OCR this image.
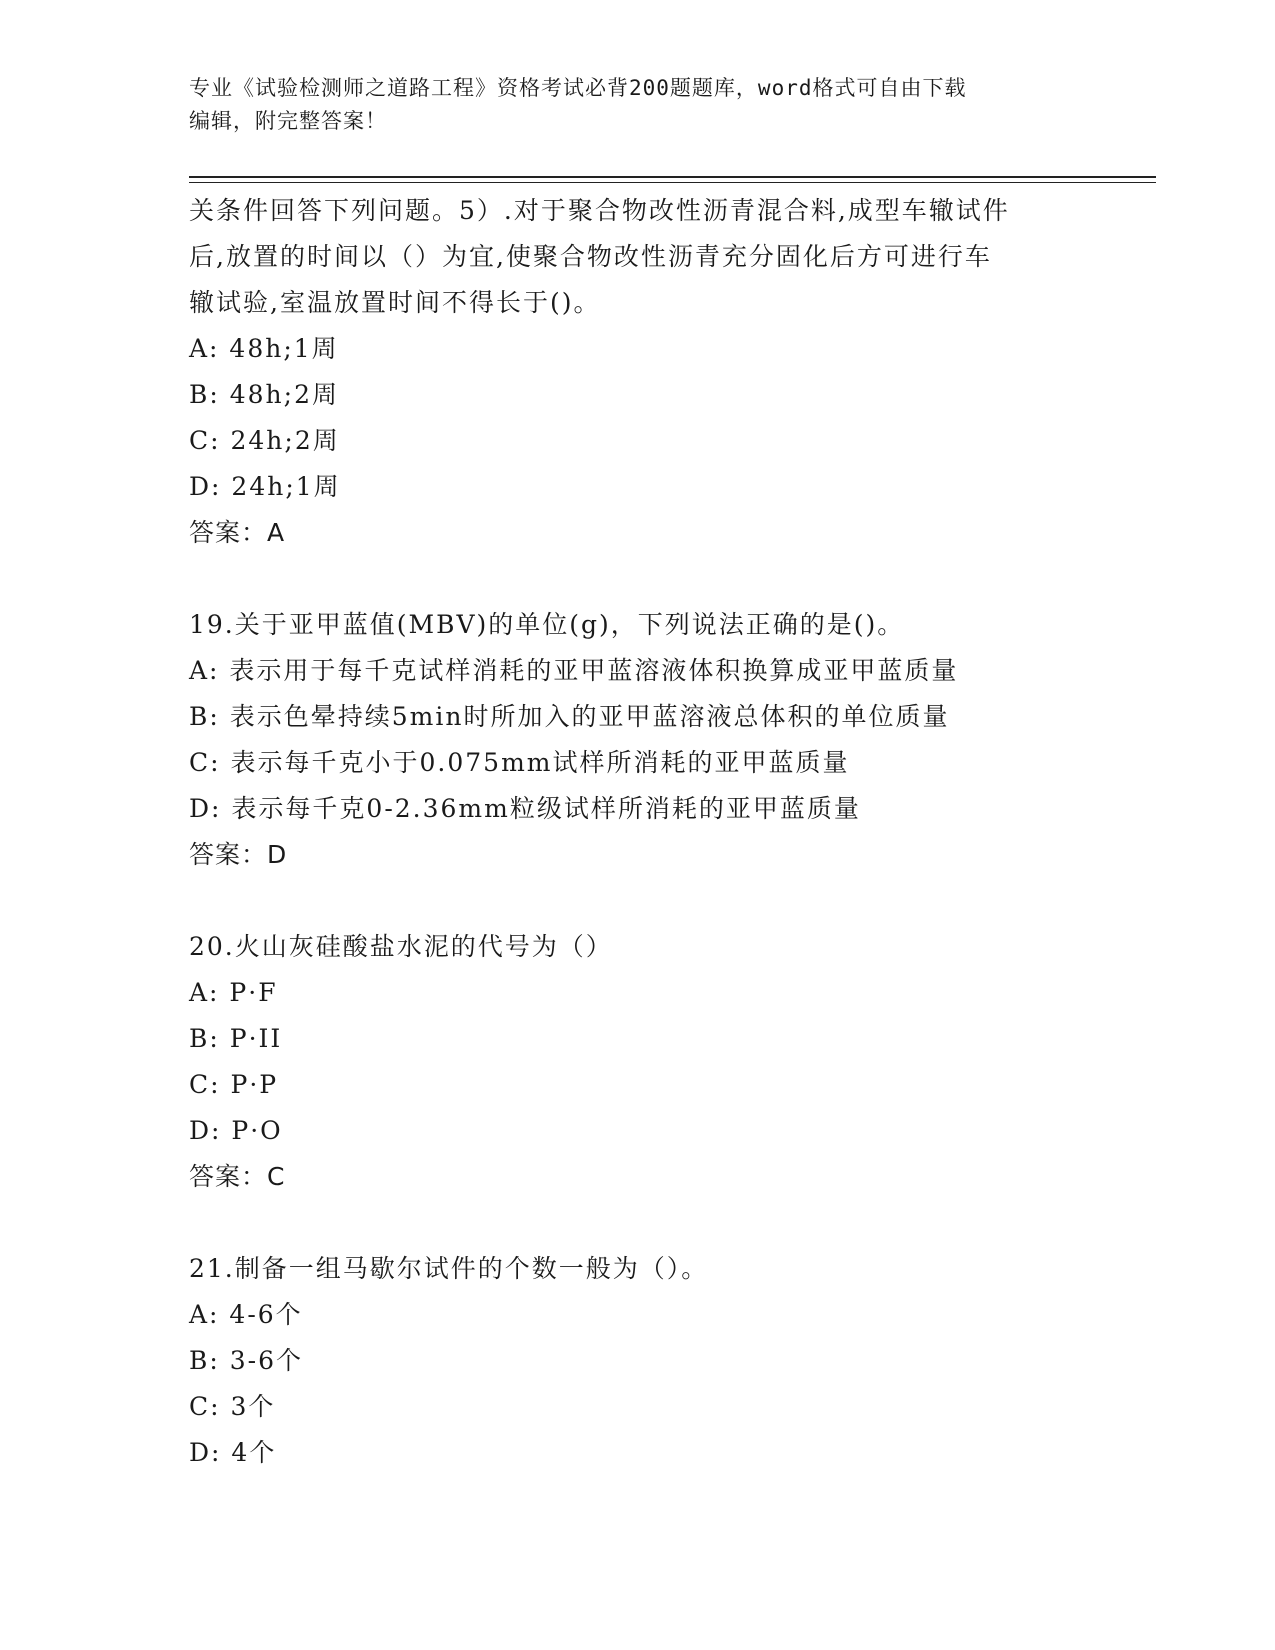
专业《试验检测师之道路工程》资格考试必背200题题库，word格式可自由下载
编辑，附完整答案！
关条件回答下列问题。5）.对于聚合物改性沥青混合料,成型车辙试件
后,放置的时间以（）为宜,使聚合物改性沥青充分固化后方可进行车
辙试验,室温放置时间不得长于()。
A: 48h;1周
B: 48h;2周
C: 24h;2周
D: 24h;1周
答案：A
19.关于亚甲蓝值(MBV)的单位(g)，下列说法正确的是()。
A: 表示用于每千克试样消耗的亚甲蓝溶液体积换算成亚甲蓝质量
B: 表示色晕持续5min时所加入的亚甲蓝溶液总体积的单位质量
C: 表示每千克小于0.075mm试样所消耗的亚甲蓝质量
D: 表示每千克0-2.36mm粒级试样所消耗的亚甲蓝质量
答案：D
20.火山灰硅酸盐水泥的代号为（）
A: P·F
B: P·II
C: P·P
D: P·O
答案：C
21.制备一组马歇尔试件的个数一般为（）。
A: 4-6个
B: 3-6个
C: 3个
D: 4个
